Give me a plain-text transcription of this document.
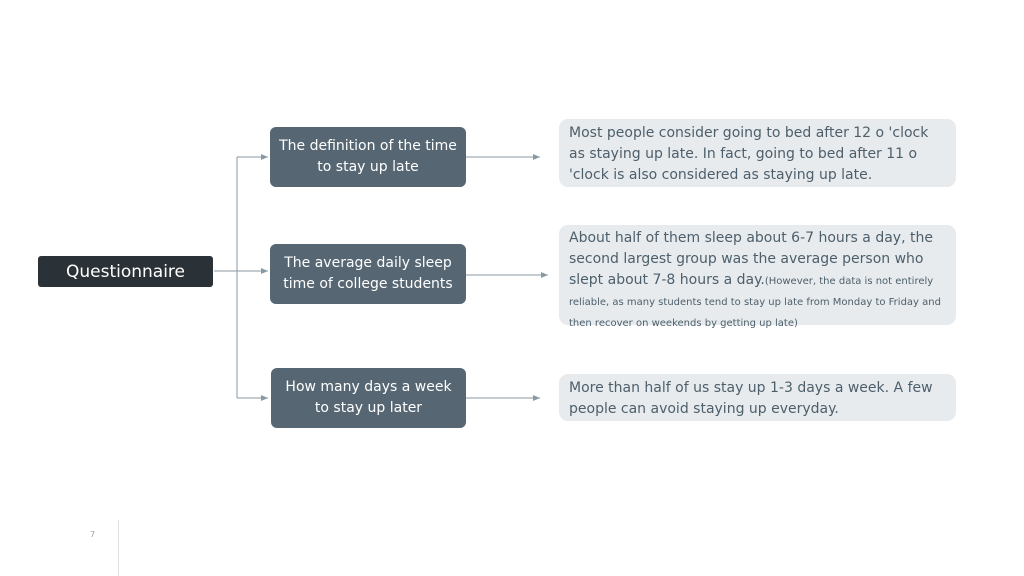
Questionnaire
The definition of the time to stay up late
The average daily sleep time of college students
How many days a week to stay up later
Most people consider going to bed after 12 o 'clock as staying up late. In fact, going to bed after 11 o 'clock is also considered as staying up late.
About half of them sleep about 6-7 hours a day, the second largest group was the average person who slept about 7-8 hours a day.(However, the data is not entirely reliable, as many students tend to stay up late from Monday to Friday and then recover on weekends by getting up late)
More than half of us stay up 1-3 days a week. A few people can avoid staying up everyday.
7
